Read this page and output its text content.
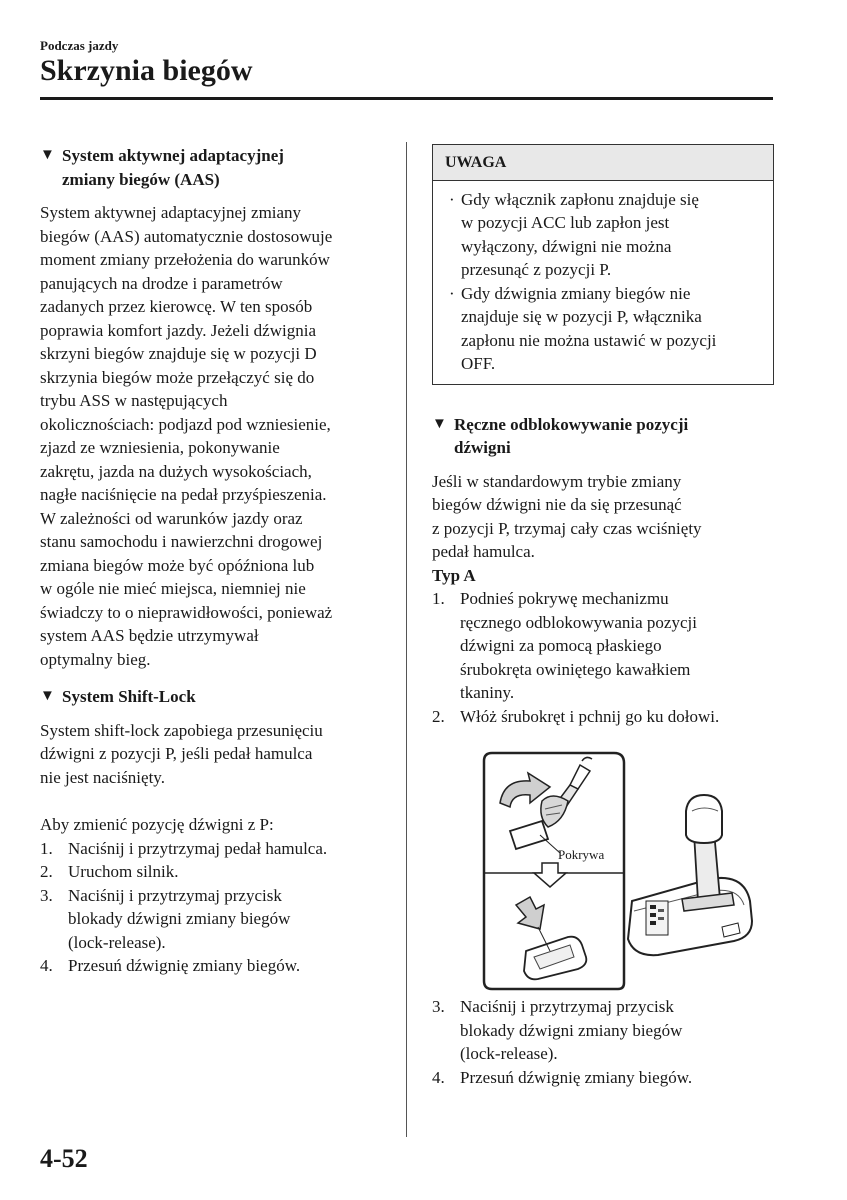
Podczas jazdy
Skrzynia biegów
▼ System aktywnej adaptacyjnej
zmiany biegów (AAS)
System aktywnej adaptacyjnej zmiany
biegów (AAS) automatycznie dostosowuje
moment zmiany przełożenia do warunków
panujących na drodze i parametrów
zadanych przez kierowcę. W ten sposób
poprawia komfort jazdy. Jeżeli dźwignia
skrzyni biegów znajduje się w pozycji D
skrzynia biegów może przełączyć się do
trybu ASS w następujących
okolicznościach: podjazd pod wzniesienie,
zjazd ze wzniesienia, pokonywanie
zakrętu, jazda na dużych wysokościach,
nagłe naciśnięcie na pedał przyśpieszenia.
W zależności od warunków jazdy oraz
stanu samochodu i nawierzchni drogowej
zmiana biegów może być opóźniona lub
w ogóle nie mieć miejsca, niemniej nie
świadczy to o nieprawidłowości, ponieważ
system AAS będzie utrzymywał
optymalny bieg.
▼ System Shift-Lock
System shift-lock zapobiega przesunięciu
dźwigni z pozycji P, jeśli pedał hamulca
nie jest naciśnięty.

Aby zmienić pozycję dźwigni z P:

1. Naciśnij i przytrzymaj pedał hamulca.
2. Uruchom silnik.
3. Naciśnij i przytrzymaj przycisk
blokady dźwigni zmiany biegów
(lock-release).
4. Przesuń dźwignię zmiany biegów.
UWAGA
· Gdy włącznik zapłonu znajduje się
w pozycji ACC lub zapłon jest
wyłączony, dźwigni nie można
przesunąć z pozycji P.
· Gdy dźwignia zmiany biegów nie
znajduje się w pozycji P, włącznika
zapłonu nie można ustawić w pozycji
OFF.
▼ Ręczne odblokowywanie pozycji
dźwigni
Jeśli w standardowym trybie zmiany
biegów dźwigni nie da się przesunąć
z pozycji P, trzymaj cały czas wciśnięty
pedał hamulca.

Typ A

1. Podnieś pokrywę mechanizmu
ręcznego odblokowywania pozycji
dźwigni za pomocą płaskiego
śrubokręta owiniętego kawałkiem
tkaniny.
2. Włóż śrubokręt i pchnij go ku dołowi.
3. Naciśnij i przytrzymaj przycisk
blokady dźwigni zmiany biegów
(lock-release).
4. Przesuń dźwignię zmiany biegów.
Pokrywa
4-52
